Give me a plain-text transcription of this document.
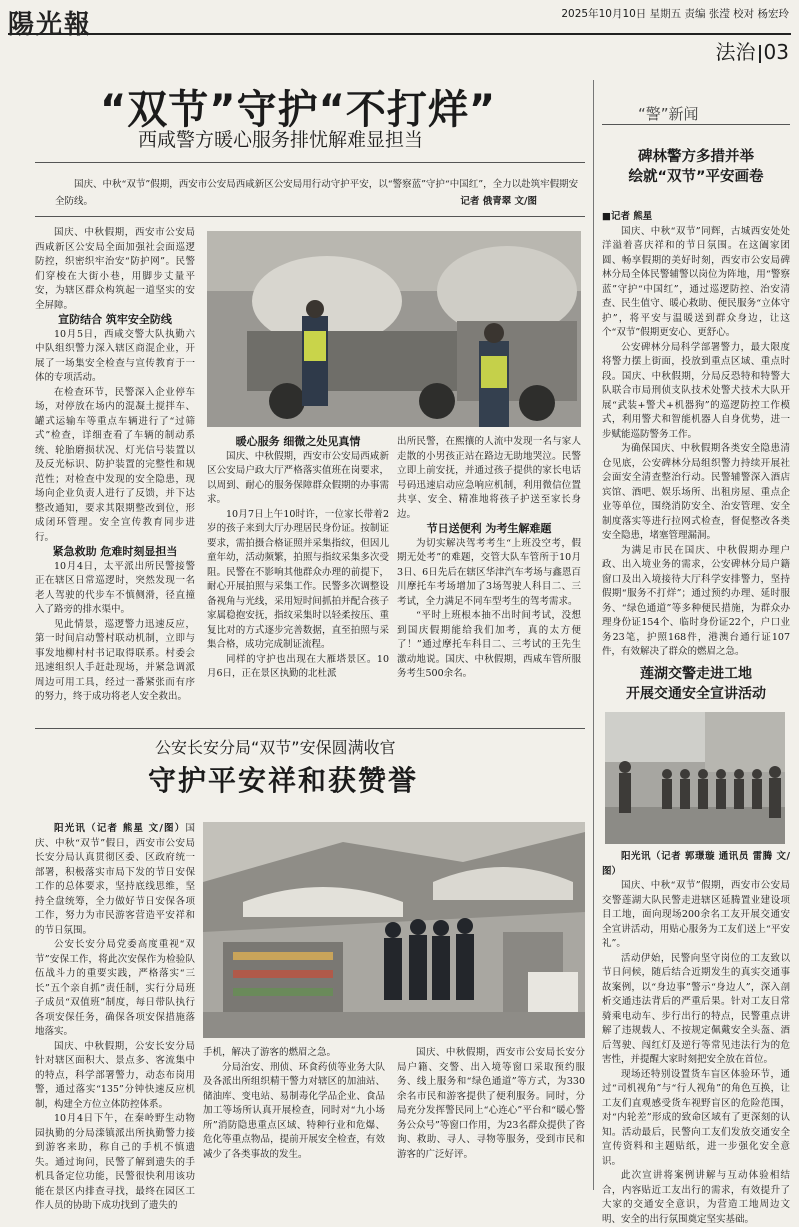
陽光報	2025年10月10日 星期五 责编 张滢 校对 杨宏玲
法治 03
“双节”守护“不打烊”
西咸警方暖心服务排忧解难显担当
国庆、中秋“双节”假期，西安市公安局西咸新区公安局用行动守护平安，以“警察蓝”守护“中国红”，全力以赴筑牢假期安全防线。	记者 俄青翠 文/图

国庆、中秋假期，西安市公安局西咸新区公安局全面加强社会面巡逻防控，织密织牢治安“防护网”。民警们穿梭在大街小巷，用脚步丈量平安，为辖区群众构筑起一道坚实的安全屏障。

宣防结合 筑牢安全防线

10月5日，西咸交警大队执勤六中队组织警力深入辖区商混企业，开展了一场集安全检查与宣传教育于一体的专项活动。

在检查环节，民警深入企业停车场，对停放在场内的混凝土搅拌车、罐式运输车等重点车辆进行了“过筛式”检查，详细查看了车辆的制动系统、轮胎磨损状况、灯光信号装置以及反光标识、防护装置的完整性和规范性；对检查中发现的安全隐患，现场向企业负责人进行了反馈，并下达整改通知，要求其限期整改到位，形成闭环管理。安全宣传教育同步进行。

紧急救助 危难时刻显担当

10月4日，太平派出所民警接警正在辖区日常巡逻时，突然发现一名老人驾驶的代步车不慎侧滑，径直撞入了路旁的排水渠中。

见此情景，巡逻警力迅速反应，第一时间启动警村联动机制，立即与事发地柳村村书记取得联系。村委会迅速组织人手赶赴现场，并紧急调派周边可用工具，经过一番紧张而有序的努力，终于成功将老人安全救出。

暖心服务 细微之处见真情

国庆、中秋假期，西安市公安局西咸新区公安局户政大厅严格落实值班在岗要求，以周到、耐心的服务保障群众假期的办事需求。

10月7日上午10时许，一位家长带着2岁的孩子来到大厅办理居民身份证。按制证要求，需拍摄合格证照并采集指纹，但因儿童年幼，活动频繁，拍照与指纹采集多次受阻。民警在不影响其他群众办理的前提下，耐心开展拍照与采集工作。民警多次调整设备视角与光线，采用短时间抓拍并配合孩子家属稳抱安抚，指纹采集时以轻柔按压、重复比对的方式逐步完善数据，直至拍照与采集合格，成功完成制证流程。

同样的守护也出现在大雁塔景区。10月6日，正在景区执勤的北杜派

出所民警，在熙攘的人流中发现一名与家人走散的小男孩正站在路边无助地哭泣。民警立即上前安抚，并通过孩子提供的家长电话号码迅速启动应急响应机制，利用微信位置共享、安全、精准地将孩子护送至家长身边。

节日送便利 为考生解难题

为切实解决驾考考生“上班没空考，假期无处考”的难题，交管大队车管所于10月3日、6日先后在辖区华津汽车考场与鑫恩百川摩托车考场增加了3场驾驶人科目二、三考试，全力满足不同车型考生的驾考需求。

“平时上班根本抽不出时间考试，没想到国庆假期能给我们加考，真的太方便了！”通过摩托车科目二、三考试的王先生激动地说。国庆、中秋假期，西咸车管所服务考生500余名。

“警”新闻
碑林警方多措并举
绘就“双节”平安画卷
■记者 熊星

国庆、中秋“双节”同辉，古城西安处处洋溢着喜庆祥和的节日氛围。在这阖家团圆、畅享假期的美好时刻，西安市公安局碑林分局全体民警辅警以岗位为阵地，用“警察蓝”守护“中国红”，通过巡逻防控、治安清查、民生值守、暖心救助、便民服务“立体守护”，将平安与温暖送到群众身边，让这个“双节”假期更安心、更舒心。

公安碑林分局科学部署警力，最大限度将警力摆上街面，投放到重点区域、重点时段。国庆、中秋假期，分局反恐特和特警大队联合市局刑侦支队技术处警犬技术大队开展“武装+警犬+机器狗”的巡逻防控工作模式，利用警犬和智能机器人自身优势，进一步赋能巡防警务工作。

为确保国庆、中秋假期各类安全隐患清仓见底，公安碑林分局组织警力持续开展社会面安全清查整治行动。民警辅警深入酒店宾馆、酒吧、娱乐场所、出租房屋、重点企业等单位，围绕消防安全、治安管理、安全制度落实等进行拉网式检查，督促整改各类安全隐患，堵塞管理漏洞。

为满足市民在国庆、中秋假期办理户政、出入境业务的需求，公安碑林分局户籍窗口及出入境接待大厅科学安排警力，坚持假期“服务不打烊”；通过预约办理、延时服务、“绿色通道”等多种便民措施，为群众办理身份证154个、临时身份证22个，户口业务23笔，护照168件，港澳台通行证107件，有效解决了群众的燃眉之急。

莲湖交警走进工地
开展交通安全宣讲活动

阳光讯（记者 郭璟璇 通讯员 雷腾 文/图）

国庆、中秋“双节”假期，西安市公安局交警莲湖大队民警走进辖区延腾置业建设项目工地，面向现场200余名工友开展交通安全宣讲活动，用贴心服务为工友们送上“平安礼”。

活动伊始，民警向坚守岗位的工友致以节日问候，随后结合近期发生的真实交通事故案例，以“身边事”警示“身边人”，深入剖析交通违法背后的严重后果。针对工友日常骑乘电动车、步行出行的特点，民警重点讲解了违规载人、不按规定佩戴安全头盔、酒后驾驶、闯红灯及逆行等常见违法行为的危害性，并提醒大家时刻把安全放在首位。

现场还特别设置货车盲区体验环节，通过“司机视角”与“行人视角”的角色互换，让工友们直观感受货车视野盲区的危险范围，对“内轮差”形成的致命区域有了更深刻的认知。活动最后，民警向工友们发放交通安全宣传资料和主题贴纸，进一步强化安全意识。

此次宣讲将案例讲解与互动体验相结合，内容贴近工友出行的需求，有效提升了大家的交通安全意识，为营造工地周边文明、安全的出行氛围奠定坚实基础。

公安长安分局“双节”安保圆满收官
守护平安祥和获赞誉

阳光讯（记者 熊星 文/图）国庆、中秋“双节”假日，西安市公安局长安分局认真贯彻区委、区政府统一部署，积极落实市局下发的节日安保工作的总体要求，坚持底线思维，坚持全盘统筹，全力做好节日安保各项工作，努力为市民游客营造平安祥和的节日氛围。

公安长安分局党委高度重视“双节”安保工作，将此次安保作为检验队伍战斗力的重要实践，严格落实“三长”五个亲自抓”责任制，实行分局班子成员“双值班”制度，每日带队执行各项安保任务，确保各项安保措施落地落实。

国庆、中秋假期，公安长安分局针对辖区面积大、景点多、客流集中的特点，科学部署警力，动态布岗用警，通过落实“135”分钟快速反应机制，构建全方位立体防控体系。

10月4日下午，在秦岭野生动物园执勤的分局滦镇派出所执勤警力接到游客来助，称自己的手机不慎遗失。通过询问，民警了解到遗失的手机具备定位功能，民警很快利用该功能在景区内排查寻找，最终在园区工作人员的协助下成功找到了遗失的

手机，解决了游客的燃眉之急。

分局治安、刑侦、环食药侦等业务大队及各派出所组织精干警力对辖区的加油站、储油库、变电站、易制毒化学品企业、食品加工等场所认真开展检查，同时对“九小场所”消防隐患重点区域、特种行业和危爆、危化等重点物品，提前开展安全检查，有效减少了各类事故的发生。

国庆、中秋假期，西安市公安局长安分局户籍、交警、出入境等窗口采取预约服务、线上服务和“绿色通道”等方式，为330余名市民和游客提供了便利服务。同时，分局充分发挥警民同上“心连心”平台和“暖心警务公众号”等窗口作用，为23名群众提供了咨询、救助、寻人、寻物等服务，受到市民和游客的广泛好评。
